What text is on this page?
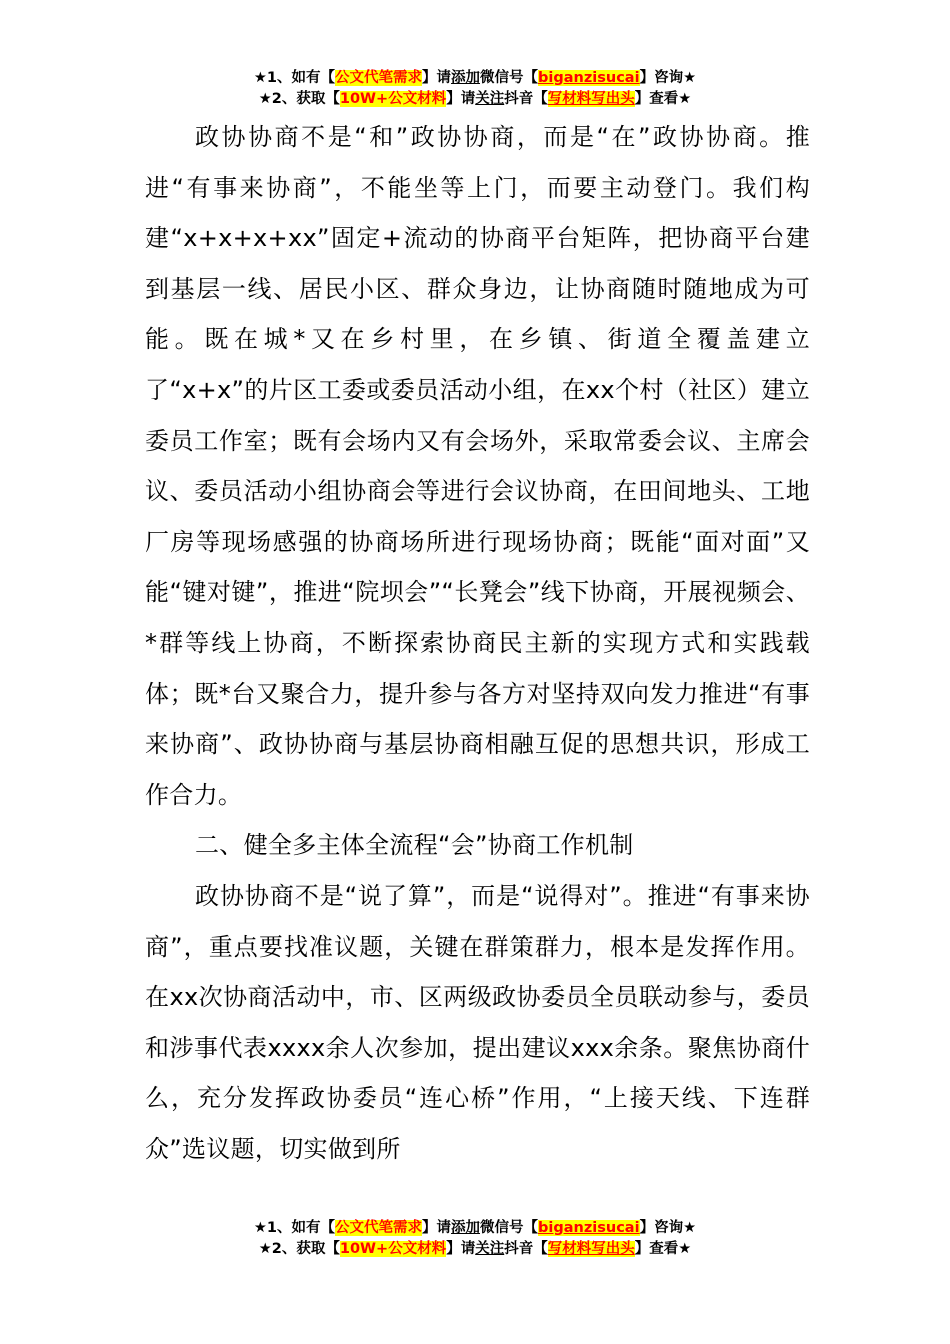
★1、如有【公文代笔需求】请添加微信号【biganzisucai】咨询★
★2、获取【10W+公文材料】请关注抖音【写材料写出头】查看★

政协协商不是“和”政协协商，而是“在”政协协商。推进“有事来协商”，不能坐等上门，而要主动登门。我们构建“x+x+x+xx”固定+流动的协商平台矩阵，把协商平台建到基层一线、居民小区、群众身边，让协商随时随地成为可能。既在城*又在乡村里，在乡镇、街道全覆盖建立了“x+x”的片区工委或委员活动小组，在xx个村（社区）建立委员工作室；既有会场内又有会场外，采取常委会议、主席会议、委员活动小组协商会等进行会议协商，在田间地头、工地厂房等现场感强的协商场所进行现场协商；既能“面对面”又能“键对键”，推进“院坝会”“长凳会”线下协商，开展视频会、*群等线上协商，不断探索协商民主新的实现方式和实践载体；既*台又聚合力，提升参与各方对坚持双向发力推进“有事来协商”、政协协商与基层协商相融互促的思想共识，形成工作合力。

二、健全多主体全流程“会”协商工作机制

政协协商不是“说了算”，而是“说得对”。推进“有事来协商”，重点要找准议题，关键在群策群力，根本是发挥作用。在xx次协商活动中，市、区两级政协委员全员联动参与，委员和涉事代表xxxx余人次参加，提出建议xxx余条。聚焦协商什么，充分发挥政协委员“连心桥”作用，“上接天线、下连群众”选议题，切实做到所

★1、如有【公文代笔需求】请添加微信号【biganzisucai】咨询★
★2、获取【10W+公文材料】请关注抖音【写材料写出头】查看★
